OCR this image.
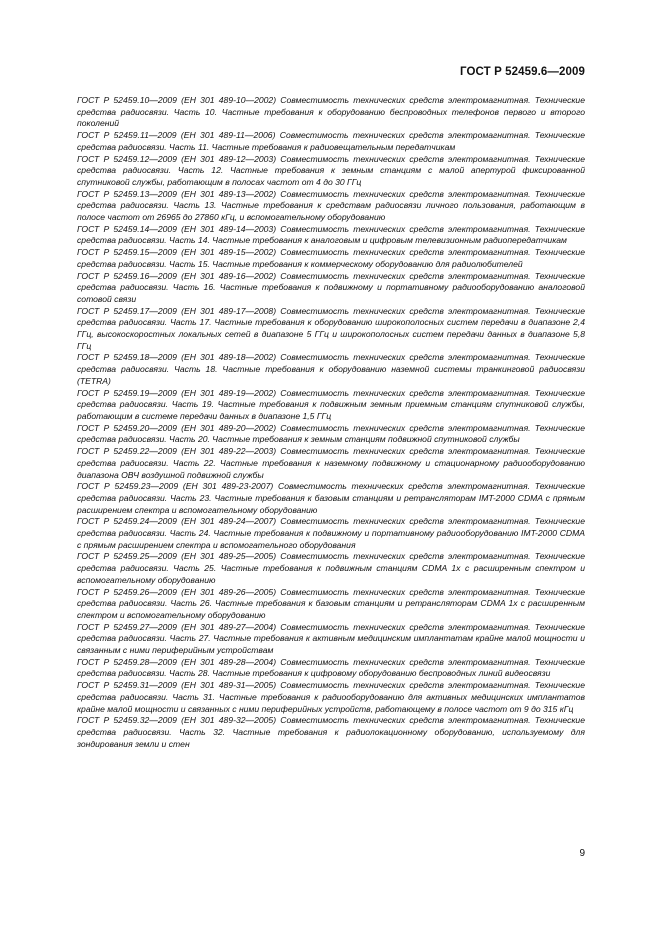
ГОСТ Р 52459.6—2009

ГОСТ Р 52459.10—2009 (ЕН 301 489-10—2002) Совместимость технических средств электромагнитная. Технические средства радиосвязи. Часть 10. Частные требования к оборудованию беспроводных телефонов первого и второго поколений

ГОСТ Р 52459.11—2009 (ЕН 301 489-11—2006) Совместимость технических средств электромагнитная. Технические средства радиосвязи. Часть 11. Частные требования к радиовещательным передатчикам

ГОСТ Р 52459.12—2009 (ЕН 301 489-12—2003) Совместимость технических средств электромагнитная. Технические средства радиосвязи. Часть 12. Частные требования к земным станциям с малой апертурой фиксированной спутниковой службы, работающим в полосах частот от 4 до 30 ГГц

ГОСТ Р 52459.13—2009 (ЕН 301 489-13—2002) Совместимость технических средств электромагнитная. Технические средства радиосвязи. Часть 13. Частные требования к средствам радиосвязи личного пользования, работающим в полосе частот от 26965 до 27860 кГц, и вспомогательному оборудованию

ГОСТ Р 52459.14—2009 (ЕН 301 489-14—2003) Совместимость технических средств электромагнитная. Технические средства радиосвязи. Часть 14. Частные требования к аналоговым и цифровым телевизионным радиопередатчикам

ГОСТ Р 52459.15—2009 (ЕН 301 489-15—2002) Совместимость технических средств электромагнитная. Технические средства радиосвязи. Часть 15. Частные требования к коммерческому оборудованию для радиолюбителей

ГОСТ Р 52459.16—2009 (ЕН 301 489-16—2002) Совместимость технических средств электромагнитная. Технические средства радиосвязи. Часть 16. Частные требования к подвижному и портативному радиооборудованию аналоговой сотовой связи

ГОСТ Р 52459.17—2009 (ЕН 301 489-17—2008) Совместимость технических средств электромагнитная. Технические средства радиосвязи. Часть 17. Частные требования к оборудованию широкополосных систем передачи в диапазоне 2,4 ГГц, высокоскоростных локальных сетей в диапазоне 5 ГГц и широкополосных систем передачи данных в диапазоне 5,8 ГГц

ГОСТ Р 52459.18—2009 (ЕН 301 489-18—2002) Совместимость технических средств электромагнитная. Технические средства радиосвязи. Часть 18. Частные требования к оборудованию наземной системы транкинговой радиосвязи (TETRA)

ГОСТ Р 52459.19—2009 (ЕН 301 489-19—2002) Совместимость технических средств электромагнитная. Технические средства радиосвязи. Часть 19. Частные требования к подвижным земным приемным станциям спутниковой службы, работающим в системе передачи данных в диапазоне 1,5 ГГц

ГОСТ Р 52459.20—2009 (ЕН 301 489-20—2002) Совместимость технических средств электромагнитная. Технические средства радиосвязи. Часть 20. Частные требования к земным станциям подвижной спутниковой службы

ГОСТ Р 52459.22—2009 (ЕН 301 489-22—2003) Совместимость технических средств электромагнитная. Технические средства радиосвязи. Часть 22. Частные требования к наземному подвижному и стационарному радиооборудованию диапазона ОВЧ воздушной подвижной службы

ГОСТ Р 52459.23—2009 (ЕН 301 489-23-2007) Совместимость технических средств электромагнитная. Технические средства радиосвязи. Часть 23. Частные требования к базовым станциям и ретрансляторам IMT-2000 CDMA с прямым расширением спектра и вспомогательному оборудованию

ГОСТ Р 52459.24—2009 (ЕН 301 489-24—2007) Совместимость технических средств электромагнитная. Технические средства радиосвязи. Часть 24. Частные требования к подвижному и портативному радиооборудованию IMT-2000 CDMA с прямым расширением спектра и вспомогательного оборудования

ГОСТ Р 52459.25—2009 (ЕН 301 489-25—2005) Совместимость технических средств электромагнитная. Технические средства радиосвязи. Часть 25. Частные требования к подвижным станциям CDMA 1x с расширенным спектром и вспомогательному оборудованию

ГОСТ Р 52459.26—2009 (ЕН 301 489-26—2005) Совместимость технических средств электромагнитная. Технические средства радиосвязи. Часть 26. Частные требования к базовым станциям и ретрансляторам CDMA 1x с расширенным спектром и вспомогательному оборудованию

ГОСТ Р 52459.27—2009 (ЕН 301 489-27—2004) Совместимость технических средств электромагнитная. Технические средства радиосвязи. Часть 27. Частные требования к активным медицинским имплантатам крайне малой мощности и связанным с ними периферийным устройствам

ГОСТ Р 52459.28—2009 (ЕН 301 489-28—2004) Совместимость технических средств электромагнитная. Технические средства радиосвязи. Часть 28. Частные требования к цифровому оборудованию беспроводных линий видеосвязи

ГОСТ Р 52459.31—2009 (ЕН 301 489-31—2005) Совместимость технических средств электромагнитная. Технические средства радиосвязи. Часть 31. Частные требования к радиооборудованию для активных медицинских имплантатов крайне малой мощности и связанных с ними периферийных устройств, работающему в полосе частот от 9 до 315 кГц

ГОСТ Р 52459.32—2009 (ЕН 301 489-32—2005) Совместимость технических средств электромагнитная. Технические средства радиосвязи. Часть 32. Частные требования к радиолокационному оборудованию, используемому для зондирования земли и стен

9
